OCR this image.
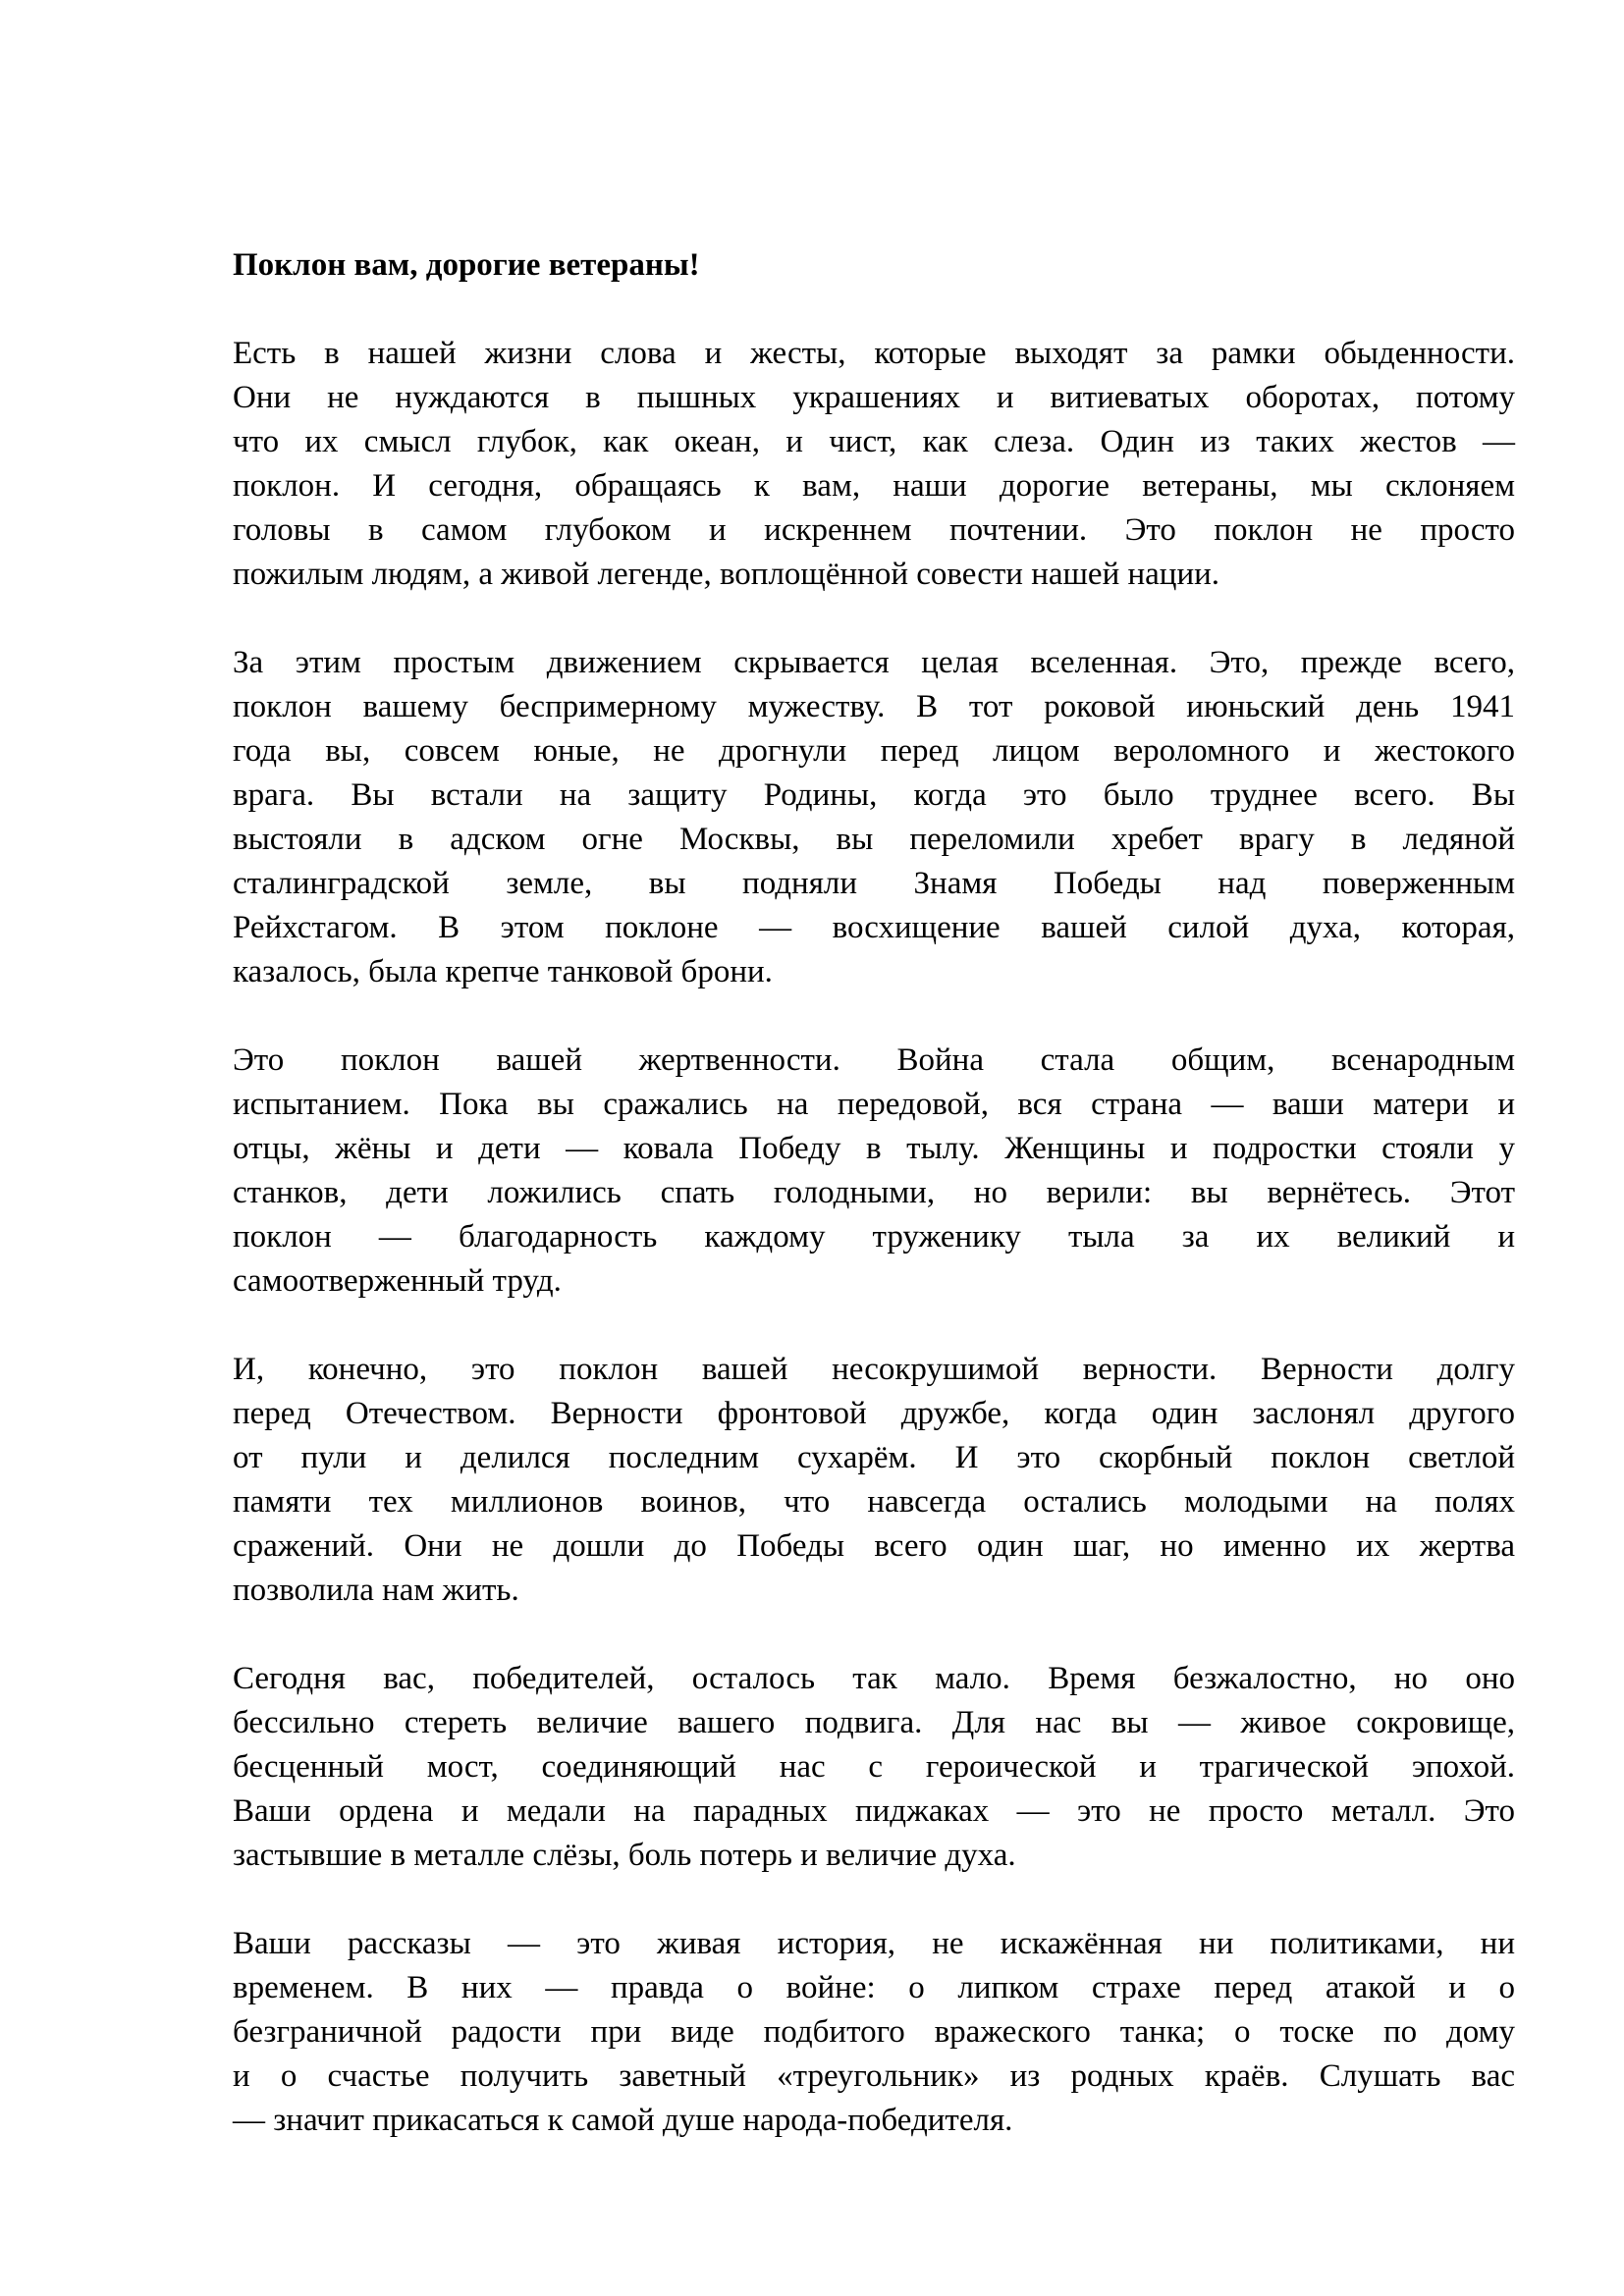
Поклон вам, дорогие ветераны!
Есть в нашей жизни слова и жесты, которые выходят за рамки обыденности.
Они не нуждаются в пышных украшениях и витиеватых оборотах, потому
что их смысл глубок, как океан, и чист, как слеза. Один из таких жестов —
поклон. И сегодня, обращаясь к вам, наши дорогие ветераны, мы склоняем
головы в самом глубоком и искреннем почтении. Это поклон не просто
пожилым людям, а живой легенде, воплощённой совести нашей нации.
За этим простым движением скрывается целая вселенная. Это, прежде всего,
поклон вашему беспримерному мужеству. В тот роковой июньский день 1941
года вы, совсем юные, не дрогнули перед лицом вероломного и жестокого
врага. Вы встали на защиту Родины, когда это было труднее всего. Вы
выстояли в адском огне Москвы, вы переломили хребет врагу в ледяной
сталинградской земле, вы подняли Знамя Победы над поверженным
Рейхстагом. В этом поклоне — восхищение вашей силой духа, которая,
казалось, была крепче танковой брони.
Это поклон вашей жертвенности. Война стала общим, всенародным
испытанием. Пока вы сражались на передовой, вся страна — ваши матери и
отцы, жёны и дети — ковала Победу в тылу. Женщины и подростки стояли у
станков, дети ложились спать голодными, но верили: вы вернётесь. Этот
поклон — благодарность каждому труженику тыла за их великий и
самоотверженный труд.
И, конечно, это поклон вашей несокрушимой верности. Верности долгу
перед Отечеством. Верности фронтовой дружбе, когда один заслонял другого
от пули и делился последним сухарём. И это скорбный поклон светлой
памяти тех миллионов воинов, что навсегда остались молодыми на полях
сражений. Они не дошли до Победы всего один шаг, но именно их жертва
позволила нам жить.
Сегодня вас, победителей, осталось так мало. Время безжалостно, но оно
бессильно стереть величие вашего подвига. Для нас вы — живое сокровище,
бесценный мост, соединяющий нас с героической и трагической эпохой.
Ваши ордена и медали на парадных пиджаках — это не просто металл. Это
застывшие в металле слёзы, боль потерь и величие духа.
Ваши рассказы — это живая история, не искажённая ни политиками, ни
временем. В них — правда о войне: о липком страхе перед атакой и о
безграничной радости при виде подбитого вражеского танка; о тоске по дому
и о счастье получить заветный «треугольник» из родных краёв. Слушать вас
— значит прикасаться к самой душе народа-победителя.
